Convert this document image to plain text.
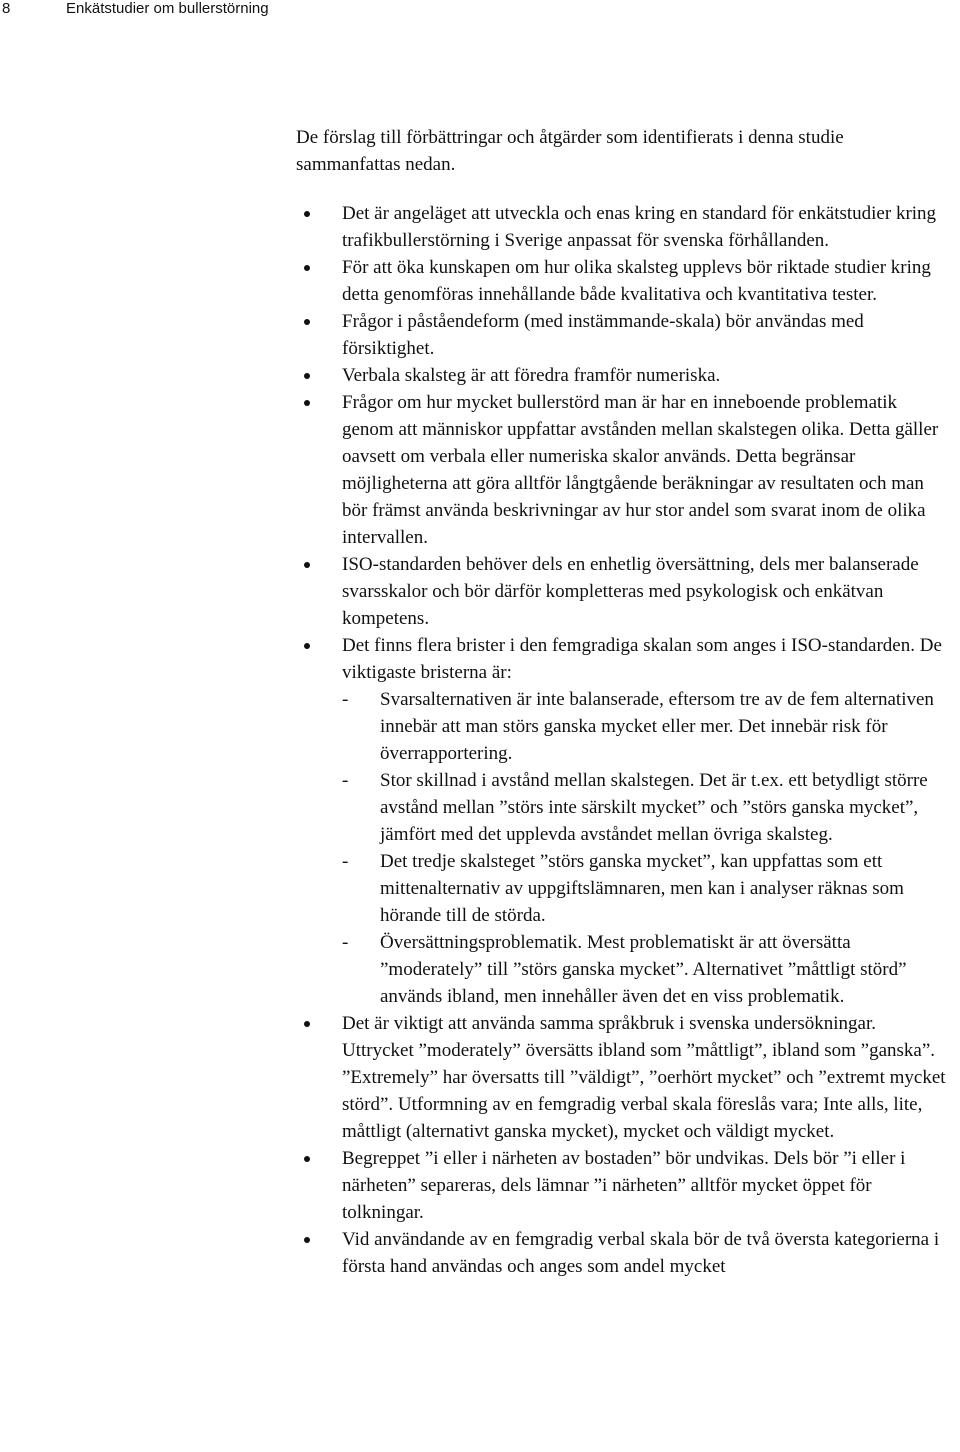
8	Enkätstudier om bullerstörning

De förslag till förbättringar och åtgärder som identifierats i denna studie sammanfattas nedan.

Det är angeläget att utveckla och enas kring en standard för enkätstudier kring trafikbullerstörning i Sverige anpassat för svenska förhållanden.
För att öka kunskapen om hur olika skalsteg upplevs bör riktade studier kring detta genomföras innehållande både kvalitativa och kvantitativa tester.
Frågor i påståendeform (med instämmande-skala) bör användas med försiktighet.
Verbala skalsteg är att föredra framför numeriska.
Frågor om hur mycket bullerstörd man är har en inneboende problematik genom att människor uppfattar avstånden mellan skalstegen olika. Detta gäller oavsett om verbala eller numeriska skalor används. Detta begränsar möjligheterna att göra alltför långtgående beräkningar av resultaten och man bör främst använda beskrivningar av hur stor andel som svarat inom de olika intervallen.
ISO-standarden behöver dels en enhetlig översättning, dels mer balanserade svarsskalor och bör därför kompletteras med psykologisk och enkätvan kompetens.
Det finns flera brister i den femgradiga skalan som anges i ISO-standarden. De viktigaste bristerna är:
- Svarsalternativen är inte balanserade, eftersom tre av de fem alternativen innebär att man störs ganska mycket eller mer. Det innebär risk för överrapportering.
- Stor skillnad i avstånd mellan skalstegen. Det är t.ex. ett betydligt större avstånd mellan ”störs inte särskilt mycket” och ”störs ganska mycket”, jämfört med det upplevda avståndet mellan övriga skalsteg.
- Det tredje skalsteget ”störs ganska mycket”, kan uppfattas som ett mittenalternativ av uppgiftslämnaren, men kan i analyser räknas som hörande till de störda.
- Översättningsproblematik. Mest problematiskt är att översätta ”moderately” till ”störs ganska mycket”. Alternativet ”måttligt störd” används ibland, men innehåller även det en viss problematik.
Det är viktigt att använda samma språkbruk i svenska undersökningar. Uttrycket ”moderately” översätts ibland som ”måttligt”, ibland som ”ganska”. ”Extremely” har översatts till ”väldigt”, ”oerhört mycket” och ”extremt mycket störd”. Utformning av en femgradig verbal skala föreslås vara; Inte alls, lite, måttligt (alternativt ganska mycket), mycket och väldigt mycket.
Begreppet ”i eller i närheten av bostaden” bör undvikas. Dels bör ”i eller i närheten” separeras, dels lämnar ”i närheten” alltför mycket öppet för tolkningar.
Vid användande av en femgradig verbal skala bör de två översta kategorierna i första hand användas och anges som andel mycket
